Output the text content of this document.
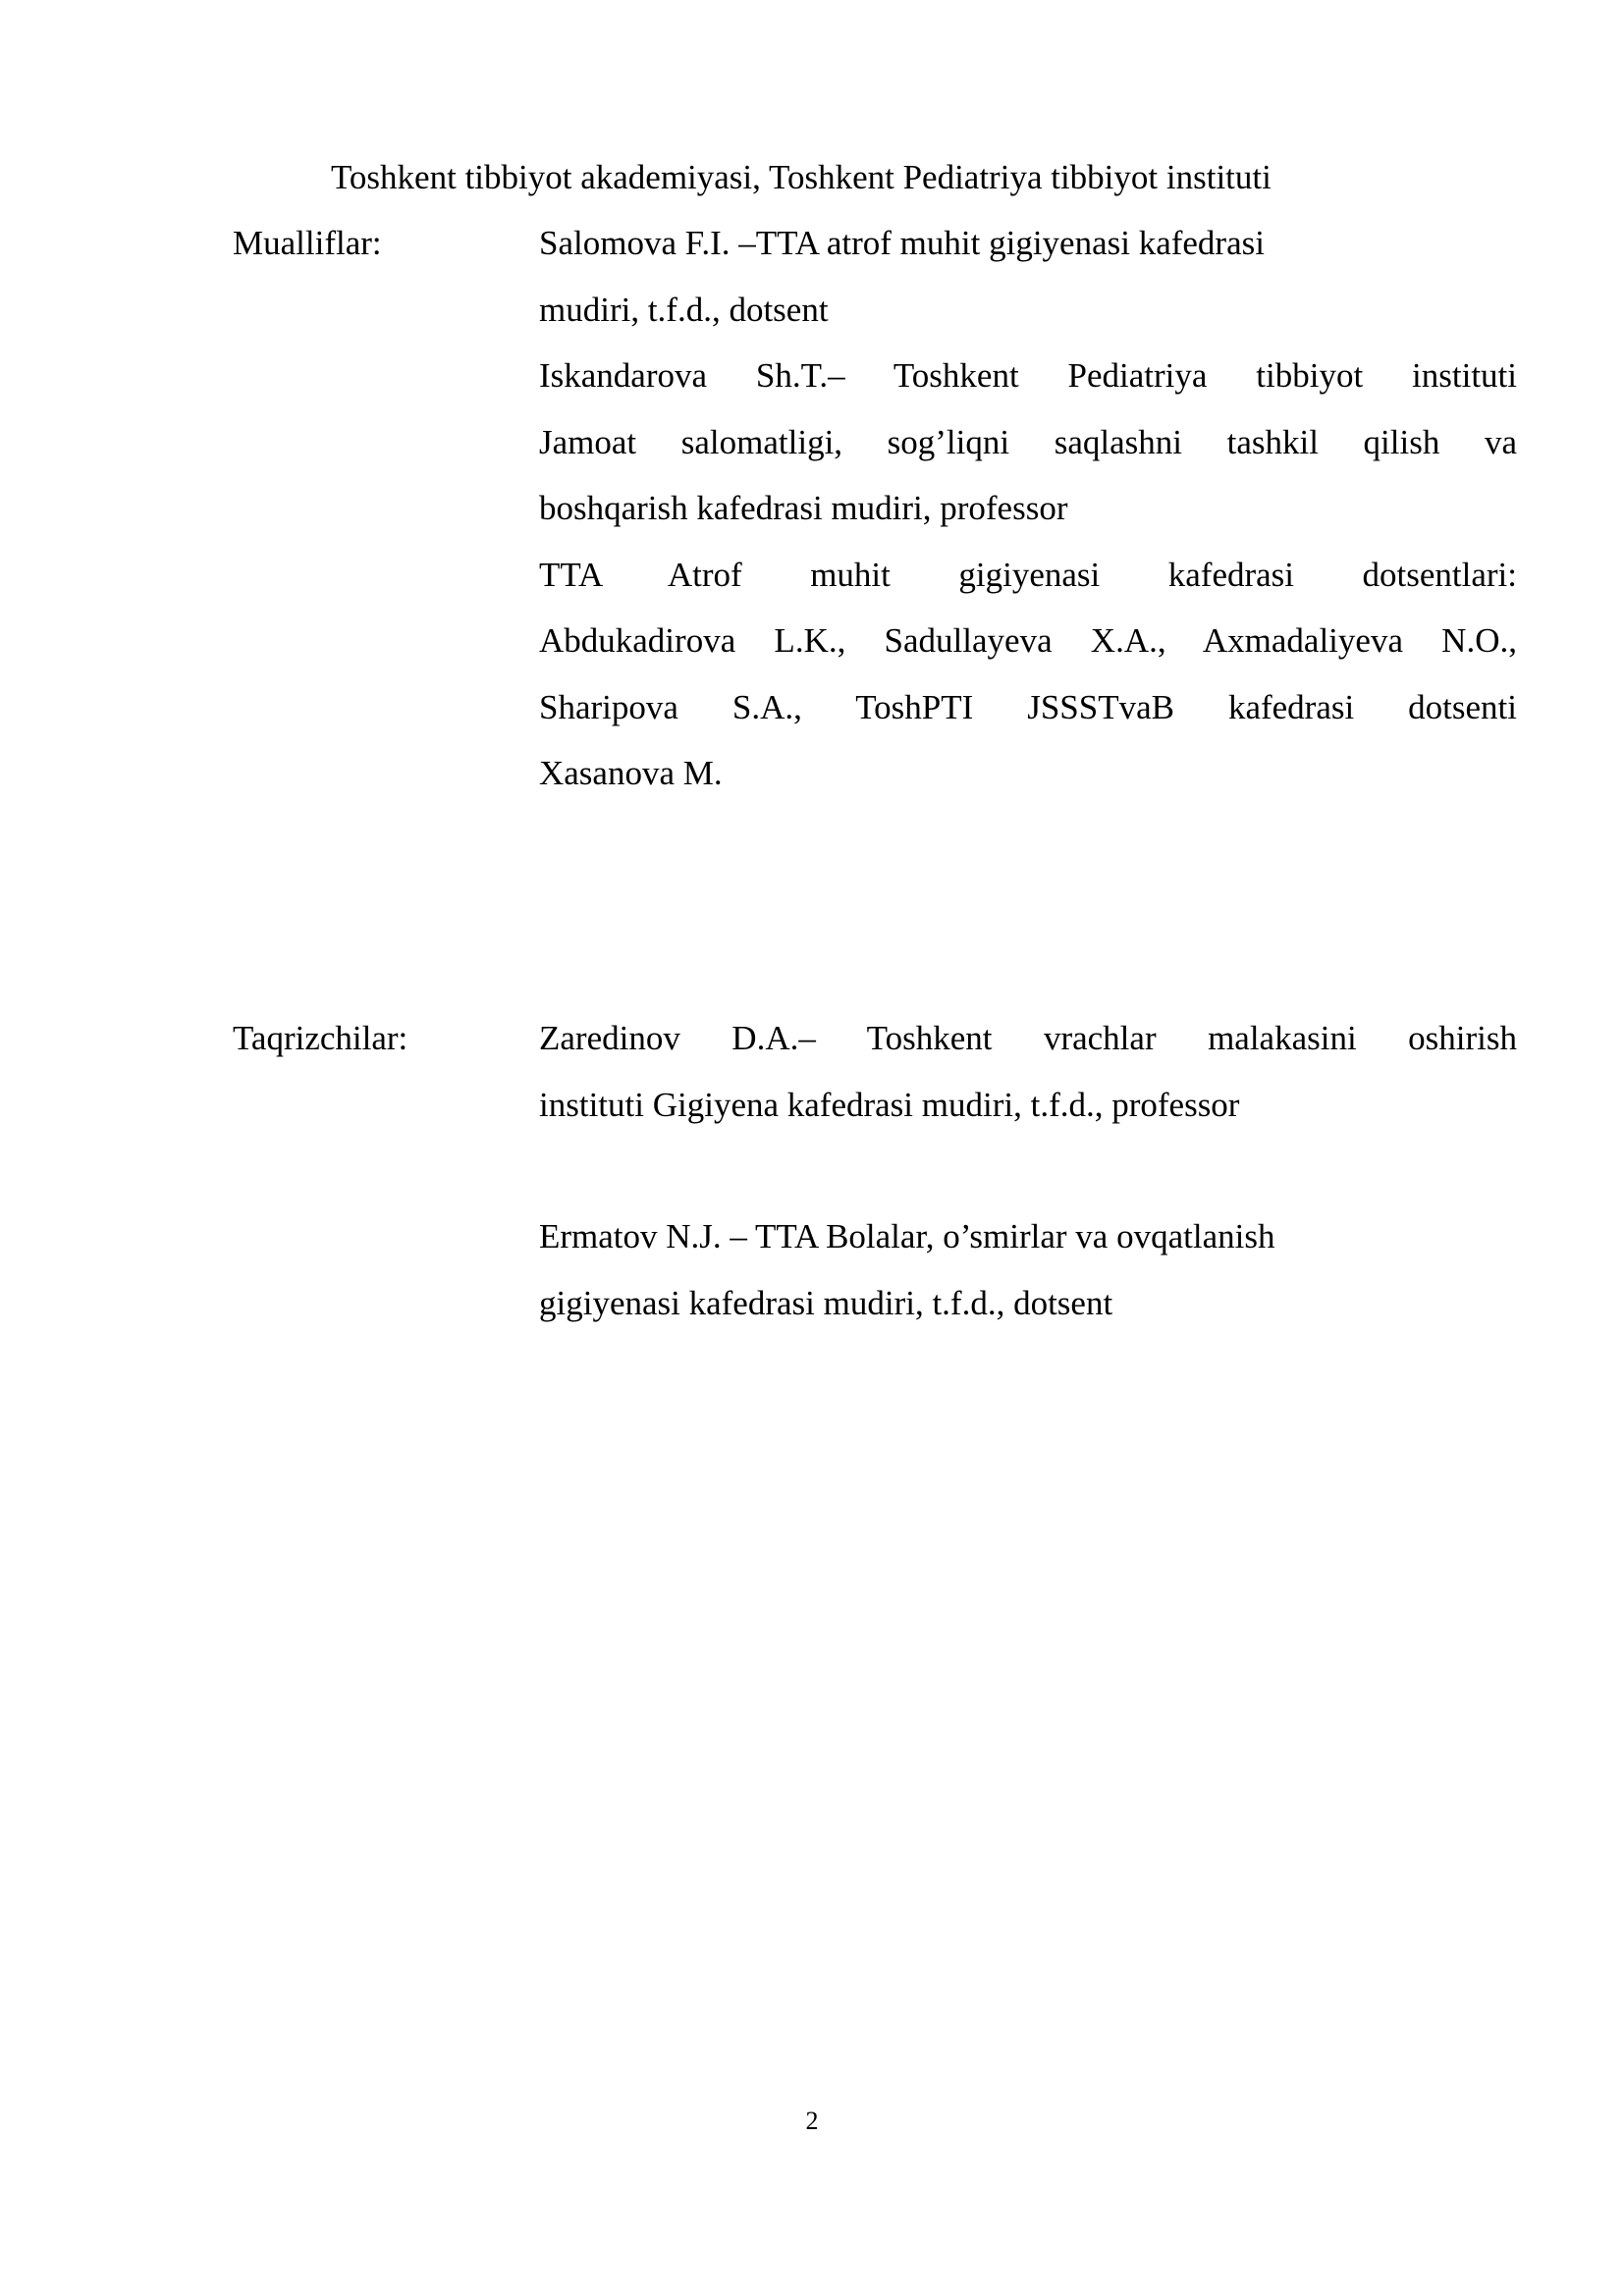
Toshkent tibbiyot akademiyasi, Toshkent Pediatriya tibbiyot instituti
Mualliflar:	Salomova F.I. –TTA atrof muhit gigiyenasi kafedrasi
mudiri, t.f.d., dotsent
Iskandarova Sh.T.– Toshkent Pediatriya tibbiyot instituti
Jamoat salomatligi, sog’liqni saqlashni tashkil qilish va
boshqarish kafedrasi mudiri, professor
TTA Atrof muhit gigiyenasi kafedrasi dotsentlari:
Abdukadirova L.K., Sadullayeva X.A., Axmadaliyeva N.O.,
Sharipova S.A., ToshPTI JSSSTvaB kafedrasi dotsenti
Xasanova M.
Taqrizchilar:	Zaredinov D.A.– Toshkent vrachlar malakasini oshirish
instituti Gigiyena kafedrasi mudiri, t.f.d., professor
Ermatov N.J. – TTA Bolalar, o’smirlar va ovqatlanish
gigiyenasi kafedrasi mudiri, t.f.d., dotsent
2
